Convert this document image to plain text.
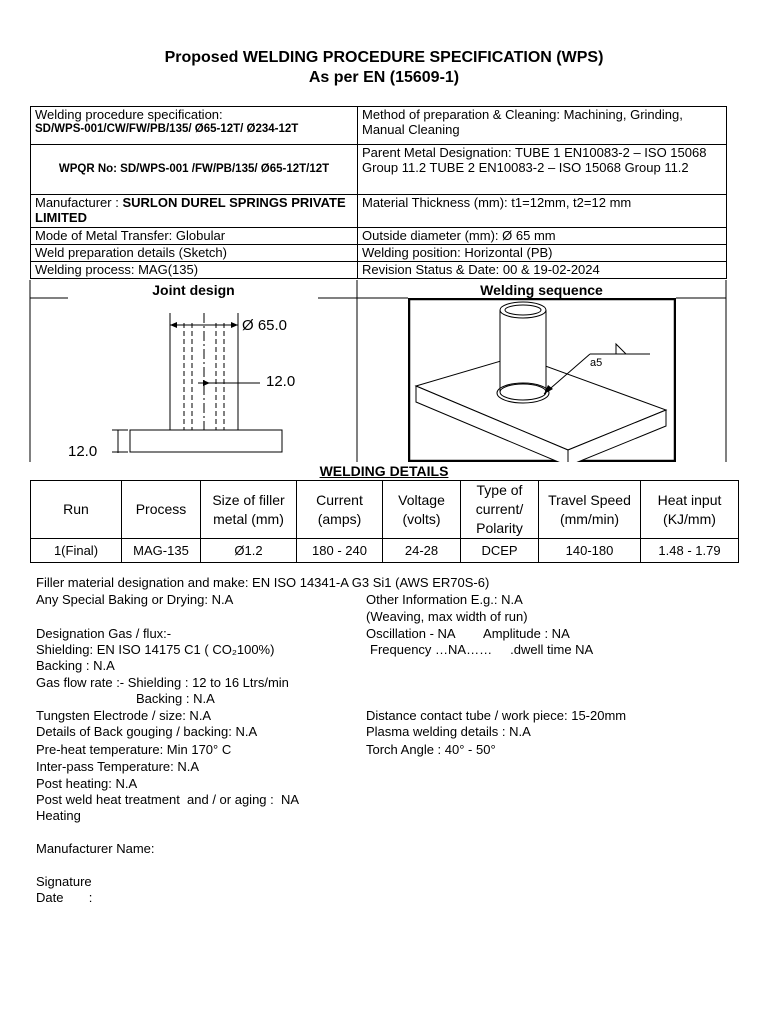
Proposed WELDING PROCEDURE SPECIFICATION (WPS)
As per EN (15609-1)
Welding procedure specification:
SD/WPS-001/CW/FW/PB/135/ Ø65-12T/ Ø234-12T	Method of preparation & Cleaning: Machining, Grinding, Manual Cleaning
WPQR No: SD/WPS-001 /FW/PB/135/ Ø65-12T/12T	Parent Metal Designation: TUBE 1 EN10083-2 – ISO 15068 Group 11.2 TUBE 2 EN10083-2 – ISO 15068 Group 11.2
Manufacturer : SURLON DUREL SPRINGS PRIVATE LIMITED	Material Thickness (mm): t1=12mm, t2=12 mm
Mode of Metal Transfer: Globular	Outside diameter (mm): Ø 65 mm
Weld preparation details (Sketch)	Welding position: Horizontal (PB)
Welding process: MAG(135)	Revision Status & Date: 00 & 19-02-2024
Joint design	Welding sequence
Ø 65.0
12.0
12.0
a5
WELDING DETAILS
Run	Process	Size of filler metal (mm)	Current (amps)	Voltage (volts)	Type of current/ Polarity	Travel Speed (mm/min)	Heat input (KJ/mm)
1(Final)	MAG-135	Ø1.2	180 - 240	24-28	DCEP	140-180	1.48 - 1.79
Filler material designation and make: EN ISO 14341-A G3 Si1 (AWS ER70S-6)
Any Special Baking or Drying: N.A	Other Information E.g.: N.A
(Weaving, max width of run)
Designation Gas / flux:-	Oscillation - NA        Amplitude : NA
Shielding: EN ISO 14175 C1 ( CO₂100%)	Frequency …NA……     .dwell time NA
Backing : N.A
Gas flow rate :- Shielding : 12 to 16 Ltrs/min
Backing : N.A
Tungsten Electrode / size: N.A	Distance contact tube / work piece: 15-20mm
Details of Back gouging / backing: N.A	Plasma welding details : N.A
Pre-heat temperature: Min 170° C	Torch Angle : 40° - 50°
Inter-pass Temperature: N.A
Post heating: N.A
Post weld heat treatment  and / or aging :  NA
Heating
Manufacturer Name:
Signature
Date       :
